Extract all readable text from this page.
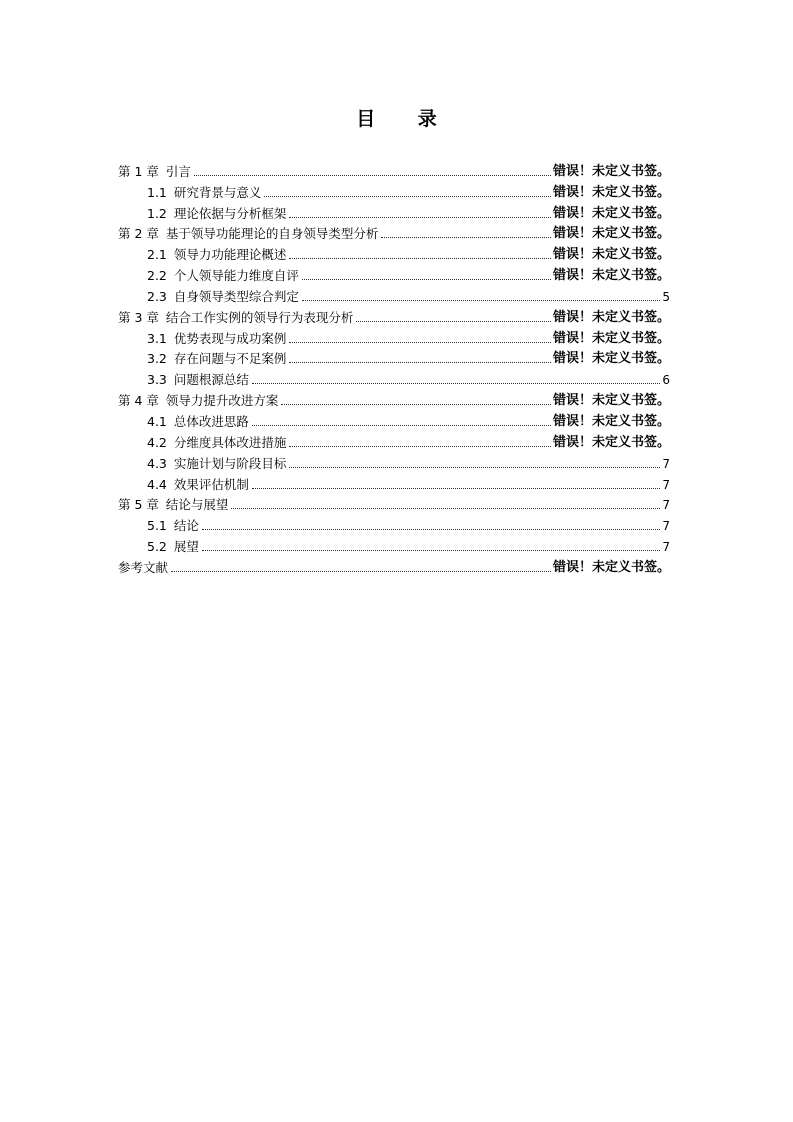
目 录
第 1 章 引言	错误！未定义书签。
1.1 研究背景与意义	错误！未定义书签。
1.2 理论依据与分析框架	错误！未定义书签。
第 2 章 基于领导功能理论的自身领导类型分析	错误！未定义书签。
2.1 领导力功能理论概述	错误！未定义书签。
2.2 个人领导能力维度自评	错误！未定义书签。
2.3 自身领导类型综合判定	5
第 3 章 结合工作实例的领导行为表现分析	错误！未定义书签。
3.1 优势表现与成功案例	错误！未定义书签。
3.2 存在问题与不足案例	错误！未定义书签。
3.3 问题根源总结	6
第 4 章 领导力提升改进方案	错误！未定义书签。
4.1 总体改进思路	错误！未定义书签。
4.2 分维度具体改进措施	错误！未定义书签。
4.3 实施计划与阶段目标	7
4.4 效果评估机制	7
第 5 章 结论与展望	7
5.1 结论	7
5.2 展望	7
参考文献	错误！未定义书签。
